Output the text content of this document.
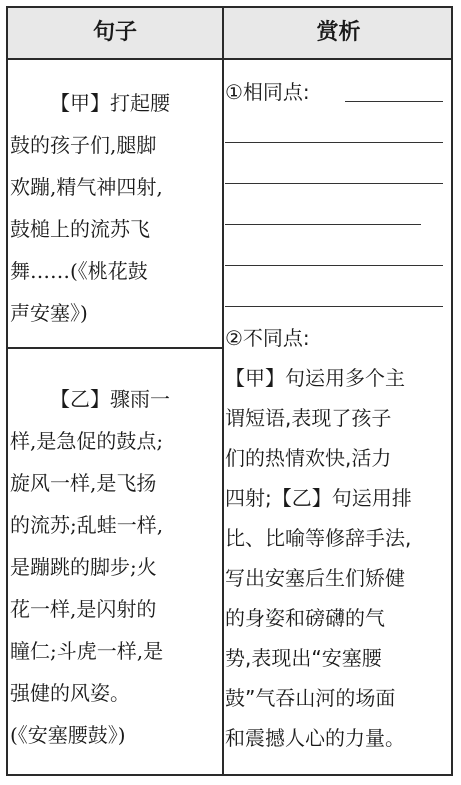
句子	赏析
【甲】打起腰
鼓的孩子们,腿脚
欢蹦,精气神四射,
鼓槌上的流苏飞
舞……(《桃花鼓
声安塞》)
【乙】骤雨一
样,是急促的鼓点;
旋风一样,是飞扬
的流苏;乱蛙一样,
是蹦跳的脚步;火
花一样,是闪射的
瞳仁;斗虎一样,是
强健的风姿。
(《安塞腰鼓》)
①相同点:
②不同点:
【甲】句运用多个主
谓短语,表现了孩子
们的热情欢快,活力
四射;【乙】句运用排
比、比喻等修辞手法,
写出安塞后生们矫健
的身姿和磅礴的气
势,表现出“安塞腰
鼓”气吞山河的场面
和震撼人心的力量。
